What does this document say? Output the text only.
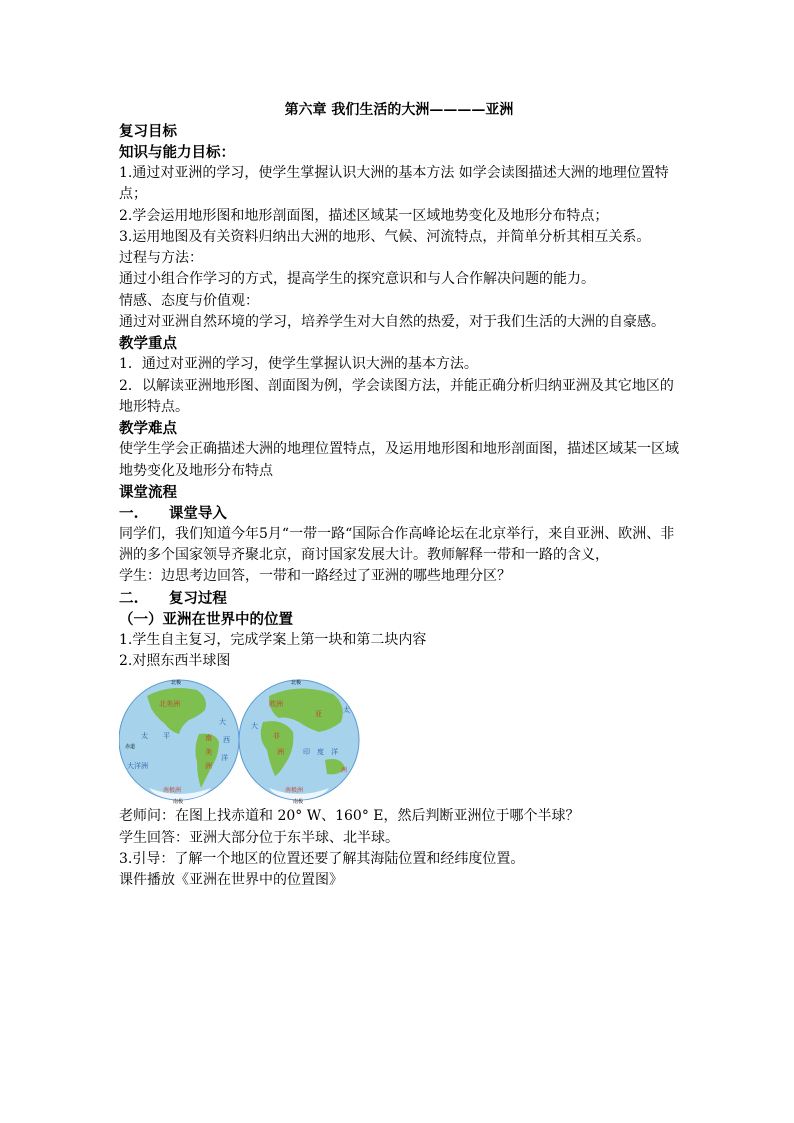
第六章 我们生活的大洲————亚洲
复习目标
知识与能力目标：

1.通过对亚洲的学习，使学生掌握认识大洲的基本方法 如学会读图描述大洲的地理位置特点；

2.学会运用地形图和地形剖面图，描述区域某一区域地势变化及地形分布特点；

3.运用地图及有关资料归纳出大洲的地形、气候、河流特点，并简单分析其相互关系。

过程与方法：

通过小组合作学习的方式，提高学生的探究意识和与人合作解决问题的能力。

情感、态度与价值观：

通过对亚洲自然环境的学习，培养学生对大自然的热爱，对于我们生活的大洲的自豪感。

教学重点

1．通过对亚洲的学习，使学生掌握认识大洲的基本方法。

2．以解读亚洲地形图、剖面图为例，学会读图方法，并能正确分析归纳亚洲及其它地区的地形特点。

教学难点

使学生学会正确描述大洲的地理位置特点，及运用地形图和地形剖面图，描述区域某一区域地势变化及地形分布特点

课堂流程
一.      课堂导入

同学们，我们知道今年5月“一带一路“国际合作高峰论坛在北京举行，来自亚洲、欧洲、非洲的多个国家领导齐聚北京，商讨国家发展大计。教师解释一带和一路的含义，

学生：边思考边回答，一带和一路经过了亚洲的哪些地理分区？

二.      复习过程
（一）亚洲在世界中的位置

1.学生自主复习，完成学案上第一块和第二块内容

2.对照东西半球图

北极
北美洲
太 平
赤道
大洋洲
南
美
洲
大
西
洋
南极洲
南极
北极
欧洲
亚	太
大
非
洲	印 度 洋
洲
南极洲
南极

老师问：在图上找赤道和 20° W、160° E，然后判断亚洲位于哪个半球？

学生回答：亚洲大部分位于东半球、北半球。

3.引导：了解一个地区的位置还要了解其海陆位置和经纬度位置。

课件播放《亚洲在世界中的位置图》
